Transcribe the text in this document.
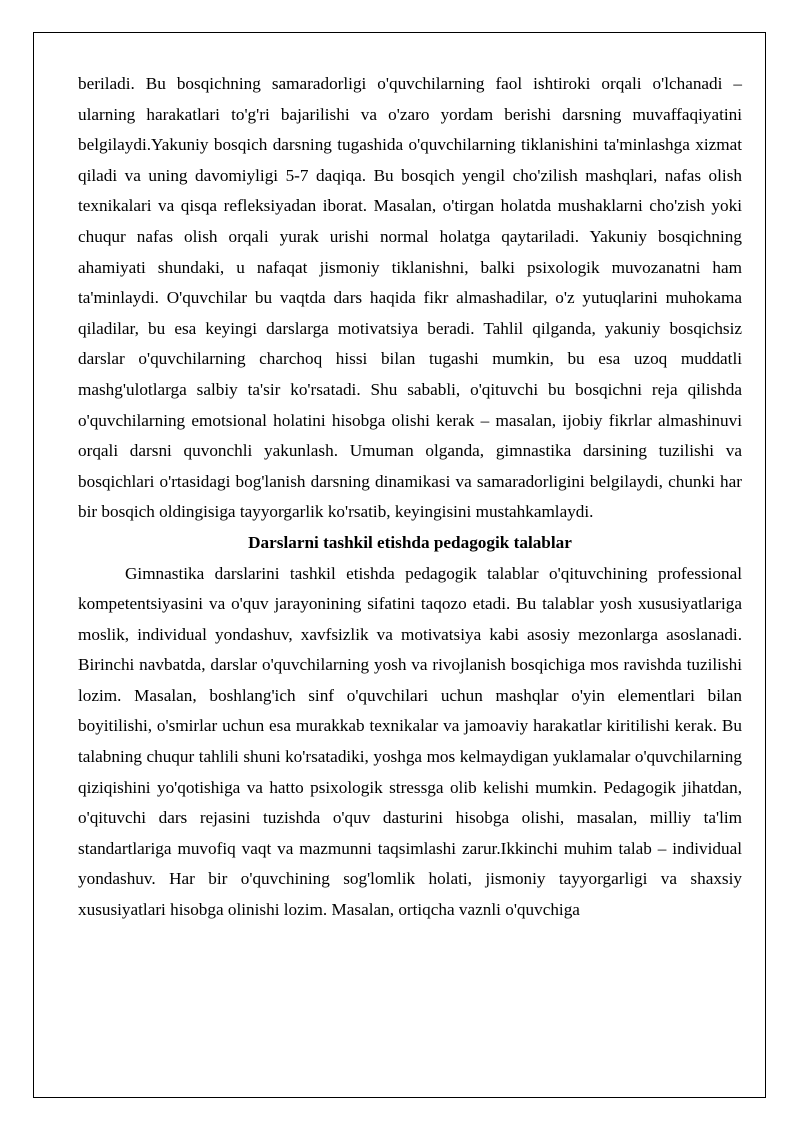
beriladi. Bu bosqichning samaradorligi o'quvchilarning faol ishtiroki orqali o'lchanadi – ularning harakatlari to'g'ri bajarilishi va o'zaro yordam berishi darsning muvaffaqiyatini belgilaydi.Yakuniy bosqich darsning tugashida o'quvchilarning tiklanishini ta'minlashga xizmat qiladi va uning davomiyligi 5-7 daqiqa. Bu bosqich yengil cho'zilish mashqlari, nafas olish texnikalari va qisqa refleksiyadan iborat. Masalan, o'tirgan holatda mushaklarni cho'zish yoki chuqur nafas olish orqali yurak urishi normal holatga qaytariladi. Yakuniy bosqichning ahamiyati shundaki, u nafaqat jismoniy tiklanishni, balki psixologik muvozanatni ham ta'minlaydi. O'quvchilar bu vaqtda dars haqida fikr almashadilar, o'z yutuqlarini muhokama qiladilar, bu esa keyingi darslarga motivatsiya beradi. Tahlil qilganda, yakuniy bosqichsiz darslar o'quvchilarning charchoq hissi bilan tugashi mumkin, bu esa uzoq muddatli mashg'ulotlarga salbiy ta'sir ko'rsatadi. Shu sababli, o'qituvchi bu bosqichni reja qilishda o'quvchilarning emotsional holatini hisobga olishi kerak – masalan, ijobiy fikrlar almashinuvi orqali darsni quvonchli yakunlash. Umuman olganda, gimnastika darsining tuzilishi va bosqichlari o'rtasidagi bog'lanish darsning dinamikasi va samaradorligini belgilaydi, chunki har bir bosqich oldingisiga tayyorgarlik ko'rsatib, keyingisini mustahkamlaydi.

Darslarni tashkil etishda pedagogik talablar

Gimnastika darslarini tashkil etishda pedagogik talablar o'qituvchining professional kompetentsiyasini va o'quv jarayonining sifatini taqozo etadi. Bu talablar yosh xususiyatlariga moslik, individual yondashuv, xavfsizlik va motivatsiya kabi asosiy mezonlarga asoslanadi. Birinchi navbatda, darslar o'quvchilarning yosh va rivojlanish bosqichiga mos ravishda tuzilishi lozim. Masalan, boshlang'ich sinf o'quvchilari uchun mashqlar o'yin elementlari bilan boyitilishi, o'smirlar uchun esa murakkab texnikalar va jamoaviy harakatlar kiritilishi kerak. Bu talabning chuqur tahlili shuni ko'rsatadiki, yoshga mos kelmaydigan yuklamalar o'quvchilarning qiziqishini yo'qotishiga va hatto psixologik stressga olib kelishi mumkin. Pedagogik jihatdan, o'qituvchi dars rejasini tuzishda o'quv dasturini hisobga olishi, masalan, milliy ta'lim standartlariga muvofiq vaqt va mazmunni taqsimlashi zarur.Ikkinchi muhim talab – individual yondashuv. Har bir o'quvchining sog'lomlik holati, jismoniy tayyorgarligi va shaxsiy xususiyatlari hisobga olinishi lozim. Masalan, ortiqcha vaznli o'quvchiga
